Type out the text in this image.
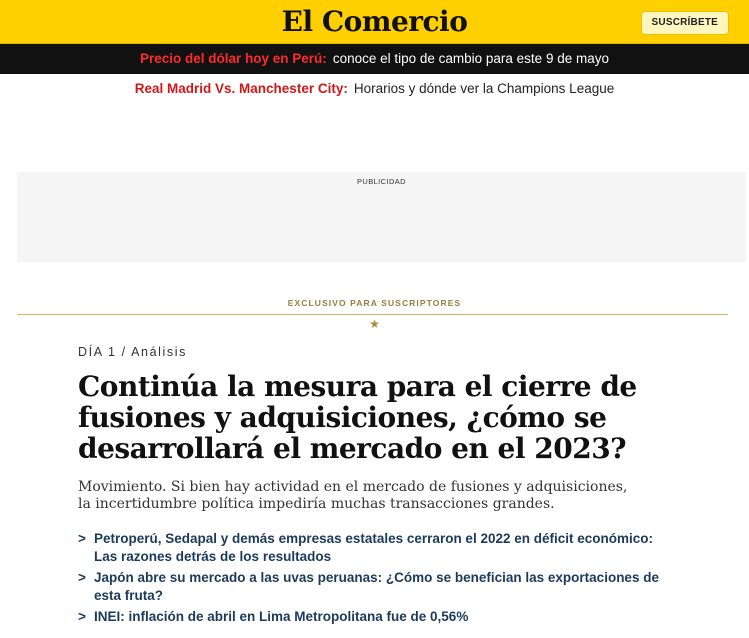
El Comercio	SUSCRÍBETE
Precio del dólar hoy en Perú: conoce el tipo de cambio para este 9 de mayo
Real Madrid Vs. Manchester City: Horarios y dónde ver la Champions League
PUBLICIDAD
EXCLUSIVO PARA SUSCRIPTORES
★
DÍA 1 / Análisis
Continúa la mesura para el cierre de fusiones y adquisiciones, ¿cómo se desarrollará el mercado en el 2023?

Movimiento. Si bien hay actividad en el mercado de fusiones y adquisiciones, la incertidumbre política impediría muchas transacciones grandes.

> Petroperú, Sedapal y demás empresas estatales cerraron el 2022 en déficit económico: Las razones detrás de los resultados
> Japón abre su mercado a las uvas peruanas: ¿Cómo se benefician las exportaciones de esta fruta?
> INEI: inflación de abril en Lima Metropolitana fue de 0,56%
